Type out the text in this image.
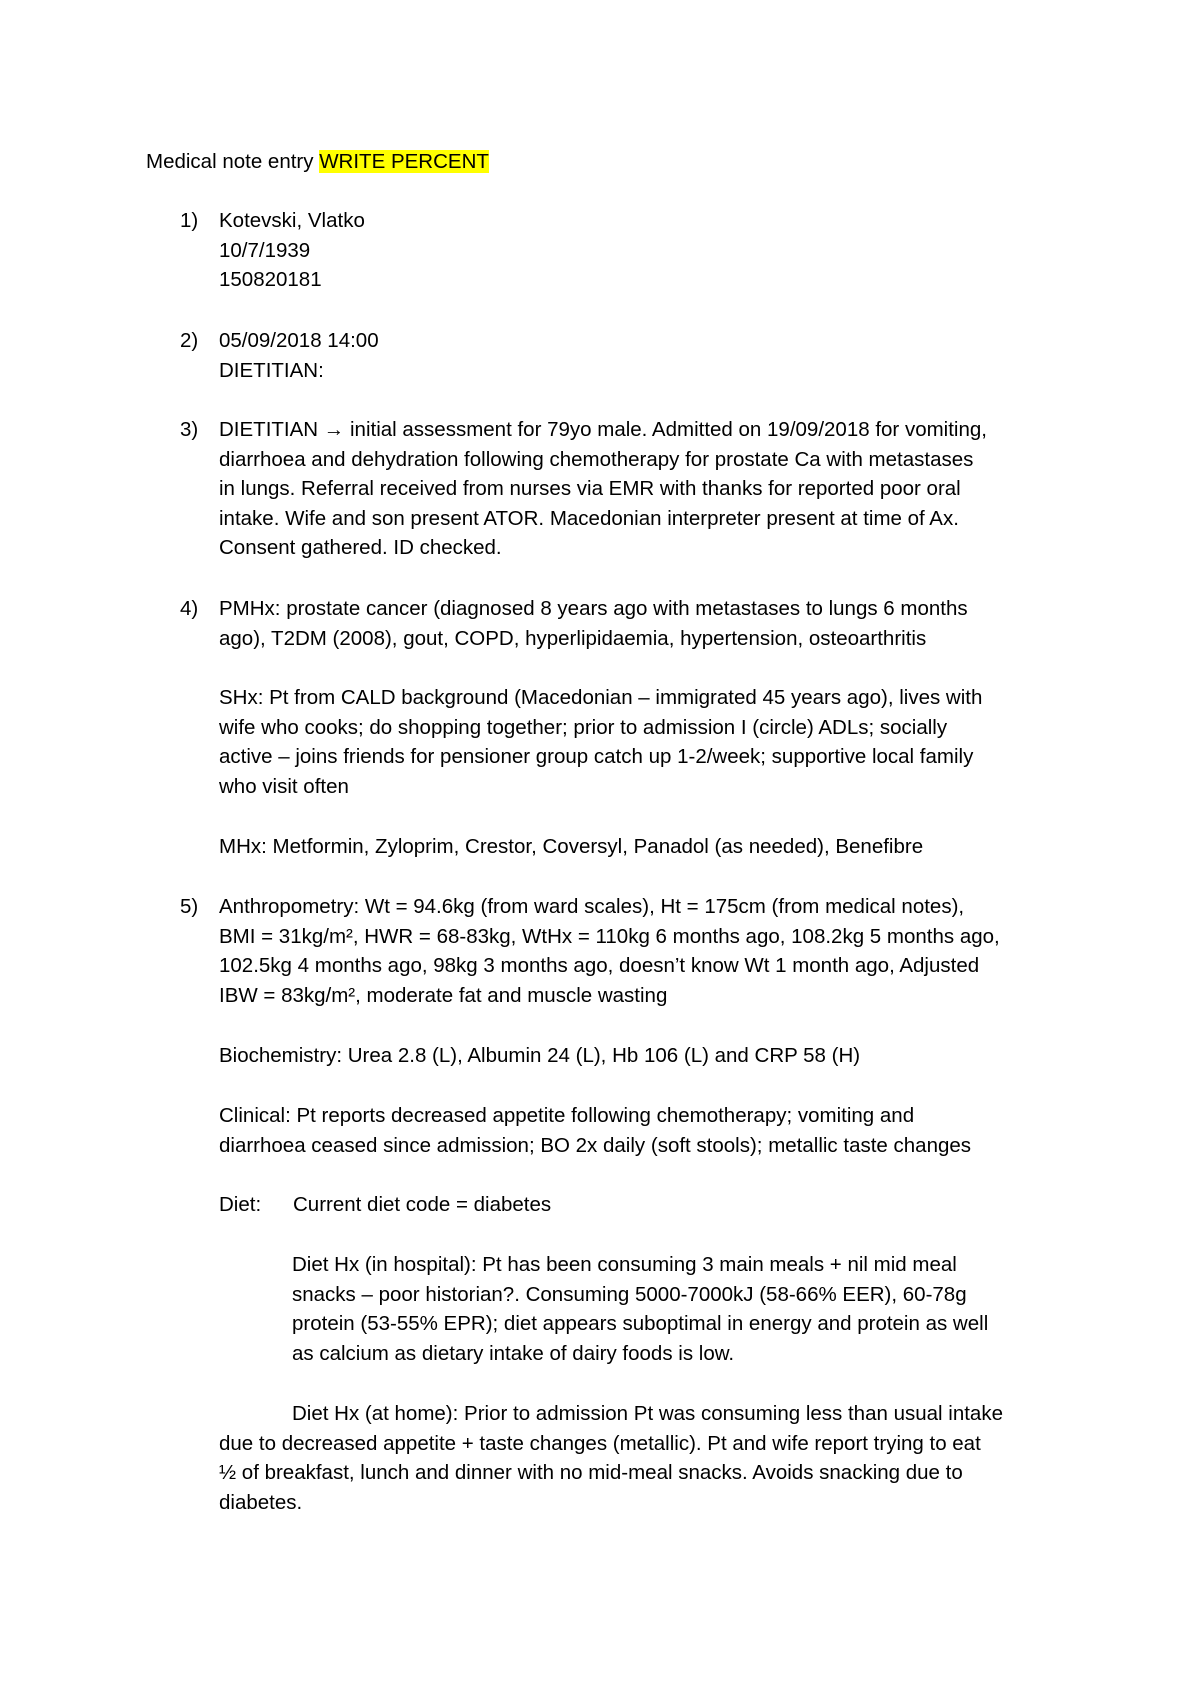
Medical note entry WRITE PERCENT
1)	Kotevski, Vlatko
10/7/1939
150820181
2)	05/09/2018 14:00
DIETITIAN:
3)	DIETITIAN → initial assessment for 79yo male. Admitted on 19/09/2018 for vomiting,
diarrhoea and dehydration following chemotherapy for prostate Ca with metastases
in lungs. Referral received from nurses via EMR with thanks for reported poor oral
intake. Wife and son present ATOR. Macedonian interpreter present at time of Ax.
Consent gathered. ID checked.
4)	PMHx: prostate cancer (diagnosed 8 years ago with metastases to lungs 6 months
ago), T2DM (2008), gout, COPD, hyperlipidaemia, hypertension, osteoarthritis
SHx: Pt from CALD background (Macedonian – immigrated 45 years ago), lives with
wife who cooks; do shopping together; prior to admission I (circle) ADLs; socially
active – joins friends for pensioner group catch up 1-2/week; supportive local family
who visit often
MHx: Metformin, Zyloprim, Crestor, Coversyl, Panadol (as needed), Benefibre
5)	Anthropometry: Wt = 94.6kg (from ward scales), Ht = 175cm (from medical notes),
BMI = 31kg/m², HWR = 68-83kg, WtHx = 110kg 6 months ago, 108.2kg 5 months ago,
102.5kg 4 months ago, 98kg 3 months ago, doesn’t know Wt 1 month ago, Adjusted
IBW = 83kg/m², moderate fat and muscle wasting
Biochemistry: Urea 2.8 (L), Albumin 24 (L), Hb 106 (L) and CRP 58 (H)
Clinical: Pt reports decreased appetite following chemotherapy; vomiting and
diarrhoea ceased since admission; BO 2x daily (soft stools); metallic taste changes
Diet: Current diet code = diabetes
Diet Hx (in hospital): Pt has been consuming 3 main meals + nil mid meal
snacks – poor historian?. Consuming 5000-7000kJ (58-66% EER), 60-78g
protein (53-55% EPR); diet appears suboptimal in energy and protein as well
as calcium as dietary intake of dairy foods is low.
Diet Hx (at home): Prior to admission Pt was consuming less than usual intake
due to decreased appetite + taste changes (metallic). Pt and wife report trying to eat
½ of breakfast, lunch and dinner with no mid-meal snacks. Avoids snacking due to
diabetes.
